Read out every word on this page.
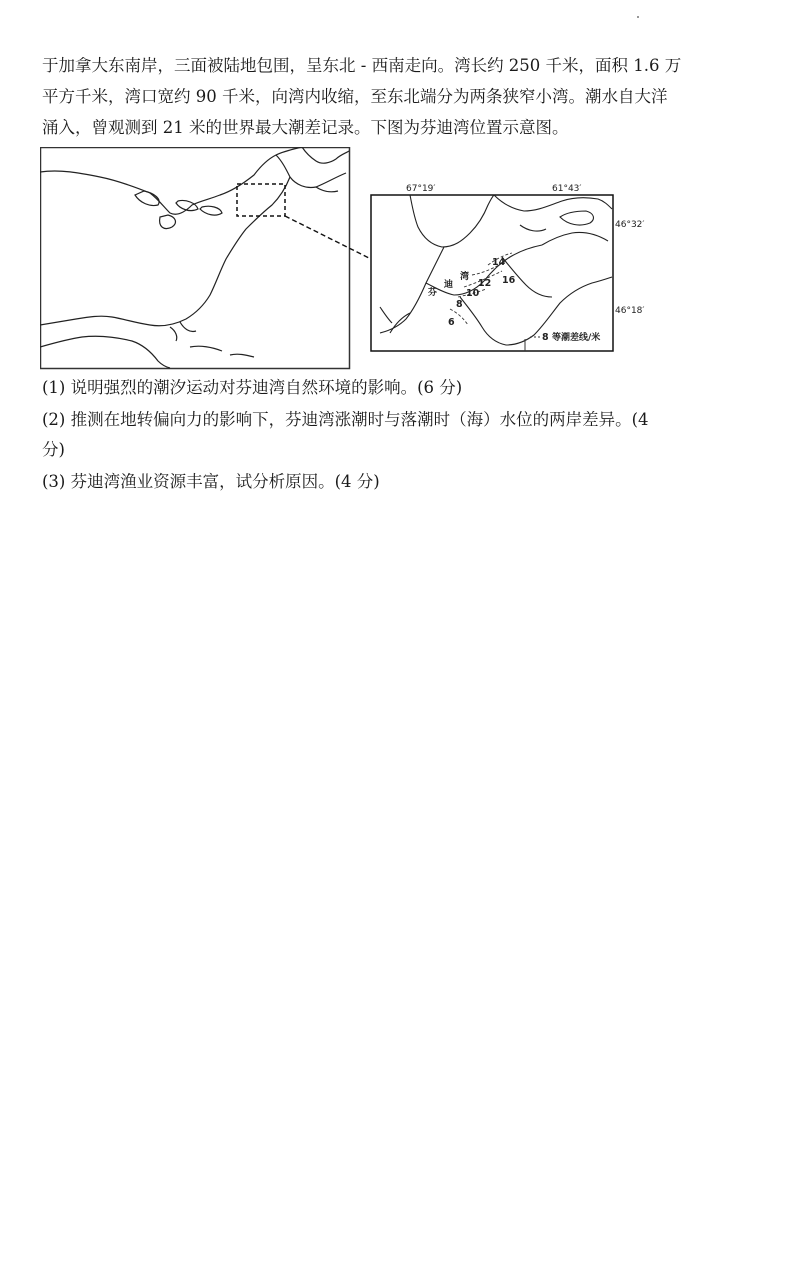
于加拿大东南岸，三面被陆地包围，呈东北 - 西南走向。湾长约 250 千米，面积 1.6 万
平方千米，湾口宽约 90 千米，向湾内收缩，至东北端分为两条狭窄小湾。潮水自大洋
涌入，曾观测到 21 米的世界最大潮差记录。下图为芬迪湾位置示意图。
67°19′	61°43′
46°32′
46°18′
14
12 16
10
8
6
芬
迪
湾
8 等潮差线/米
(1) 说明强烈的潮汐运动对芬迪湾自然环境的影响。(6 分)
(2) 推测在地转偏向力的影响下，芬迪湾涨潮时与落潮时（海）水位的两岸差异。(4
分)
(3) 芬迪湾渔业资源丰富，试分析原因。(4 分)
